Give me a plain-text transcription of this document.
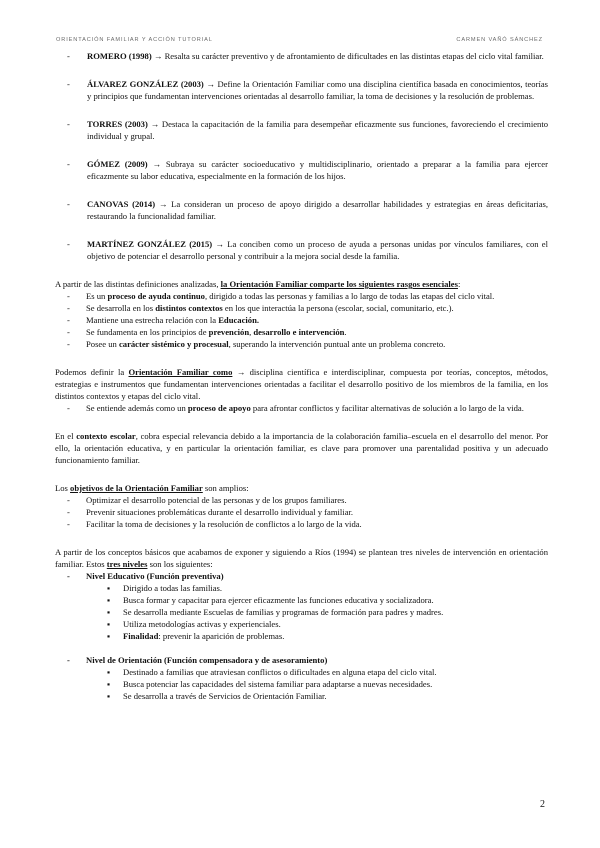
ORIENTACIÓN FAMILIAR Y ACCIÓN TUTORIAL	CARMEN VAÑÓ SÁNCHEZ
- ROMERO (1998) → Resalta su carácter preventivo y de afrontamiento de dificultades en las distintas etapas del ciclo vital familiar.
- ÁLVAREZ GONZÁLEZ (2003) → Define la Orientación Familiar como una disciplina científica basada en conocimientos, teorías y principios que fundamentan intervenciones orientadas al desarrollo familiar, la toma de decisiones y la resolución de problemas.
- TORRES (2003) → Destaca la capacitación de la familia para desempeñar eficazmente sus funciones, favoreciendo el crecimiento individual y grupal.
- GÓMEZ (2009) → Subraya su carácter socioeducativo y multidisciplinario, orientado a preparar a la familia para ejercer eficazmente su labor educativa, especialmente en la formación de los hijos.
- CANOVAS (2014) → La consideran un proceso de apoyo dirigido a desarrollar habilidades y estrategias en áreas deficitarias, restaurando la funcionalidad familiar.
- MARTÍNEZ GONZÁLEZ (2015) → La conciben como un proceso de ayuda a personas unidas por vínculos familiares, con el objetivo de potenciar el desarrollo personal y contribuir a la mejora social desde la familia.

A partir de las distintas definiciones analizadas, la Orientación Familiar comparte los siguientes rasgos esenciales:

- Es un proceso de ayuda continuo, dirigido a todas las personas y familias a lo largo de todas las etapas del ciclo vital.
- Se desarrolla en los distintos contextos en los que interactúa la persona (escolar, social, comunitario, etc.).
- Mantiene una estrecha relación con la Educación.
- Se fundamenta en los principios de prevención, desarrollo e intervención.
- Posee un carácter sistémico y procesual, superando la intervención puntual ante un problema concreto.

Podemos definir la Orientación Familiar como → disciplina científica e interdisciplinar, compuesta por teorías, conceptos, métodos, estrategias e instrumentos que fundamentan intervenciones orientadas a facilitar el desarrollo positivo de los miembros de la familia, en los distintos contextos y etapas del ciclo vital.

- Se entiende además como un proceso de apoyo para afrontar conflictos y facilitar alternativas de solución a lo largo de la vida.

En el contexto escolar, cobra especial relevancia debido a la importancia de la colaboración familia–escuela en el desarrollo del menor. Por ello, la orientación educativa, y en particular la orientación familiar, es clave para promover una parentalidad positiva y un adecuado funcionamiento familiar.

Los objetivos de la Orientación Familiar son amplios:

- Optimizar el desarrollo potencial de las personas y de los grupos familiares.
- Prevenir situaciones problemáticas durante el desarrollo individual y familiar.
- Facilitar la toma de decisiones y la resolución de conflictos a lo largo de la vida.

A partir de los conceptos básicos que acabamos de exponer y siguiendo a Ríos (1994) se plantean tres niveles de intervención en orientación familiar. Estos tres niveles son los siguientes:

- Nivel Educativo (Función preventiva)
▪ Dirigido a todas las familias.
▪ Busca formar y capacitar para ejercer eficazmente las funciones educativa y socializadora.
▪ Se desarrolla mediante Escuelas de familias y programas de formación para padres y madres.
▪ Utiliza metodologías activas y experienciales.
▪ Finalidad: prevenir la aparición de problemas.
- Nivel de Orientación (Función compensadora y de asesoramiento)
▪ Destinado a familias que atraviesan conflictos o dificultades en alguna etapa del ciclo vital.
▪ Busca potenciar las capacidades del sistema familiar para adaptarse a nuevas necesidades.
▪ Se desarrolla a través de Servicios de Orientación Familiar.
2
